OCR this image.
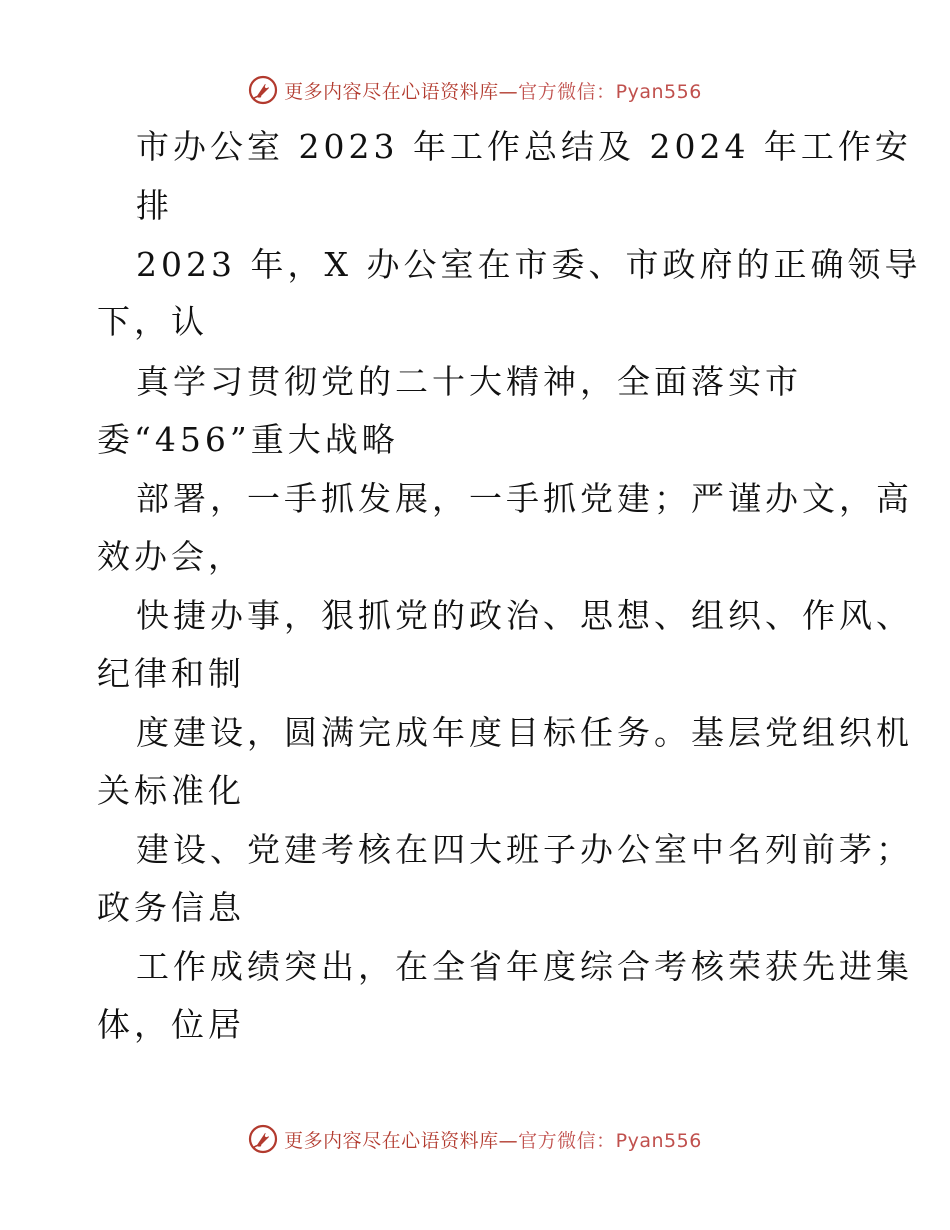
更多内容尽在心语资料库—官方微信：Pyan556
市办公室 2023 年工作总结及 2024 年工作安
排
2023 年，X 办公室在市委、市政府的正确领导
下，认
真学习贯彻党的二十大精神，全面落实市
委“456”重大战略
部署，一手抓发展，一手抓党建；严谨办文，高
效办会，
快捷办事，狠抓党的政治、思想、组织、作风、
纪律和制
度建设，圆满完成年度目标任务。基层党组织机
关标准化
建设、党建考核在四大班子办公室中名列前茅；
政务信息
工作成绩突出，在全省年度综合考核荣获先进集
体，位居
更多内容尽在心语资料库—官方微信：Pyan556
